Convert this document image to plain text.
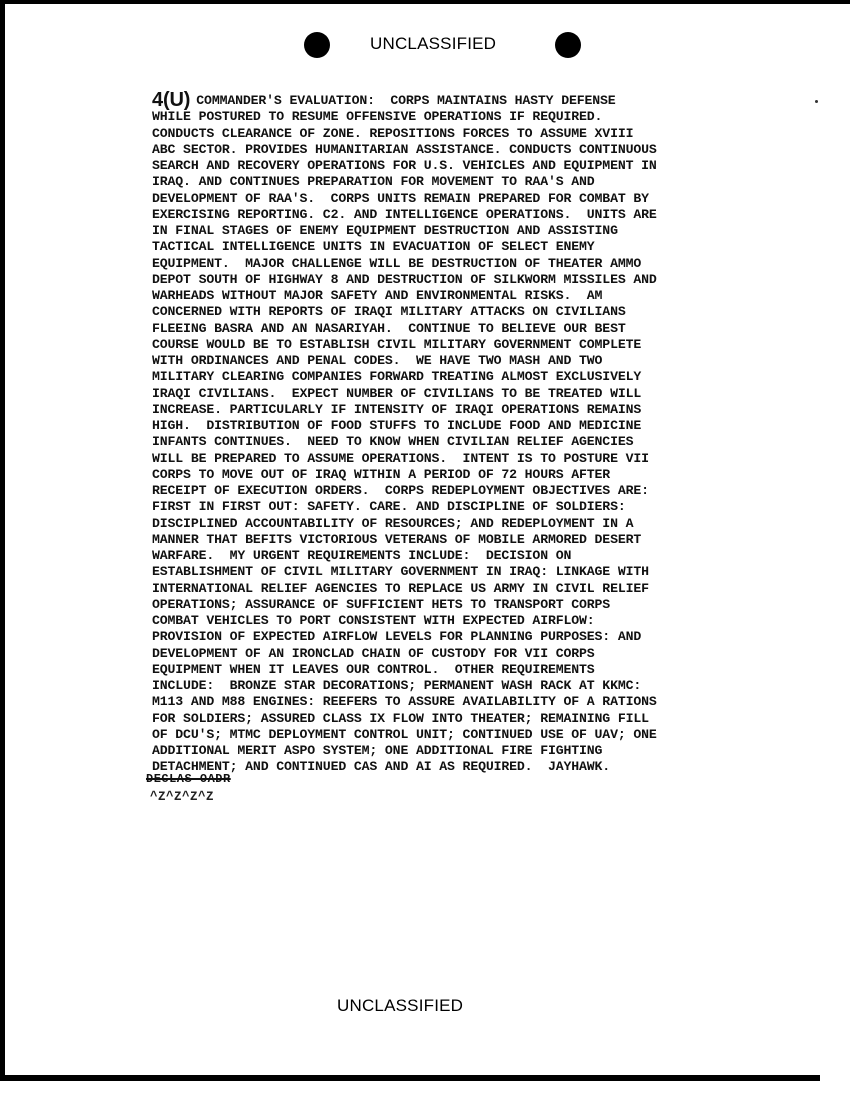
UNCLASSIFIED
4(U) COMMANDER'S EVALUATION:  CORPS MAINTAINS HASTY DEFENSE
WHILE POSTURED TO RESUME OFFENSIVE OPERATIONS IF REQUIRED.
CONDUCTS CLEARANCE OF ZONE. REPOSITIONS FORCES TO ASSUME XVIII
ABC SECTOR. PROVIDES HUMANITARIAN ASSISTANCE. CONDUCTS CONTINUOUS
SEARCH AND RECOVERY OPERATIONS FOR U.S. VEHICLES AND EQUIPMENT IN
IRAQ. AND CONTINUES PREPARATION FOR MOVEMENT TO RAA'S AND
DEVELOPMENT OF RAA'S.  CORPS UNITS REMAIN PREPARED FOR COMBAT BY
EXERCISING REPORTING. C2. AND INTELLIGENCE OPERATIONS.  UNITS ARE
IN FINAL STAGES OF ENEMY EQUIPMENT DESTRUCTION AND ASSISTING
TACTICAL INTELLIGENCE UNITS IN EVACUATION OF SELECT ENEMY
EQUIPMENT.  MAJOR CHALLENGE WILL BE DESTRUCTION OF THEATER AMMO
DEPOT SOUTH OF HIGHWAY 8 AND DESTRUCTION OF SILKWORM MISSILES AND
WARHEADS WITHOUT MAJOR SAFETY AND ENVIRONMENTAL RISKS.  AM
CONCERNED WITH REPORTS OF IRAQI MILITARY ATTACKS ON CIVILIANS
FLEEING BASRA AND AN NASARIYAH.  CONTINUE TO BELIEVE OUR BEST
COURSE WOULD BE TO ESTABLISH CIVIL MILITARY GOVERNMENT COMPLETE
WITH ORDINANCES AND PENAL CODES.  WE HAVE TWO MASH AND TWO
MILITARY CLEARING COMPANIES FORWARD TREATING ALMOST EXCLUSIVELY
IRAQI CIVILIANS.  EXPECT NUMBER OF CIVILIANS TO BE TREATED WILL
INCREASE. PARTICULARLY IF INTENSITY OF IRAQI OPERATIONS REMAINS
HIGH.  DISTRIBUTION OF FOOD STUFFS TO INCLUDE FOOD AND MEDICINE
INFANTS CONTINUES.  NEED TO KNOW WHEN CIVILIAN RELIEF AGENCIES
WILL BE PREPARED TO ASSUME OPERATIONS.  INTENT IS TO POSTURE VII
CORPS TO MOVE OUT OF IRAQ WITHIN A PERIOD OF 72 HOURS AFTER
RECEIPT OF EXECUTION ORDERS.  CORPS REDEPLOYMENT OBJECTIVES ARE:
FIRST IN FIRST OUT: SAFETY. CARE. AND DISCIPLINE OF SOLDIERS:
DISCIPLINED ACCOUNTABILITY OF RESOURCES; AND REDEPLOYMENT IN A
MANNER THAT BEFITS VICTORIOUS VETERANS OF MOBILE ARMORED DESERT
WARFARE.  MY URGENT REQUIREMENTS INCLUDE:  DECISION ON
ESTABLISHMENT OF CIVIL MILITARY GOVERNMENT IN IRAQ: LINKAGE WITH
INTERNATIONAL RELIEF AGENCIES TO REPLACE US ARMY IN CIVIL RELIEF
OPERATIONS; ASSURANCE OF SUFFICIENT HETS TO TRANSPORT CORPS
COMBAT VEHICLES TO PORT CONSISTENT WITH EXPECTED AIRFLOW:
PROVISION OF EXPECTED AIRFLOW LEVELS FOR PLANNING PURPOSES: AND
DEVELOPMENT OF AN IRONCLAD CHAIN OF CUSTODY FOR VII CORPS
EQUIPMENT WHEN IT LEAVES OUR CONTROL.  OTHER REQUIREMENTS
INCLUDE:  BRONZE STAR DECORATIONS; PERMANENT WASH RACK AT KKMC:
M113 AND M88 ENGINES: REEFERS TO ASSURE AVAILABILITY OF A RATIONS
FOR SOLDIERS; ASSURED CLASS IX FLOW INTO THEATER; REMAINING FILL
OF DCU'S; MTMC DEPLOYMENT CONTROL UNIT; CONTINUED USE OF UAV; ONE
ADDITIONAL MERIT ASPO SYSTEM; ONE ADDITIONAL FIRE FIGHTING
DETACHMENT; AND CONTINUED CAS AND AI AS REQUIRED.  JAYHAWK.
DECLAS OADR
^Z^Z^Z^Z
UNCLASSIFIED
